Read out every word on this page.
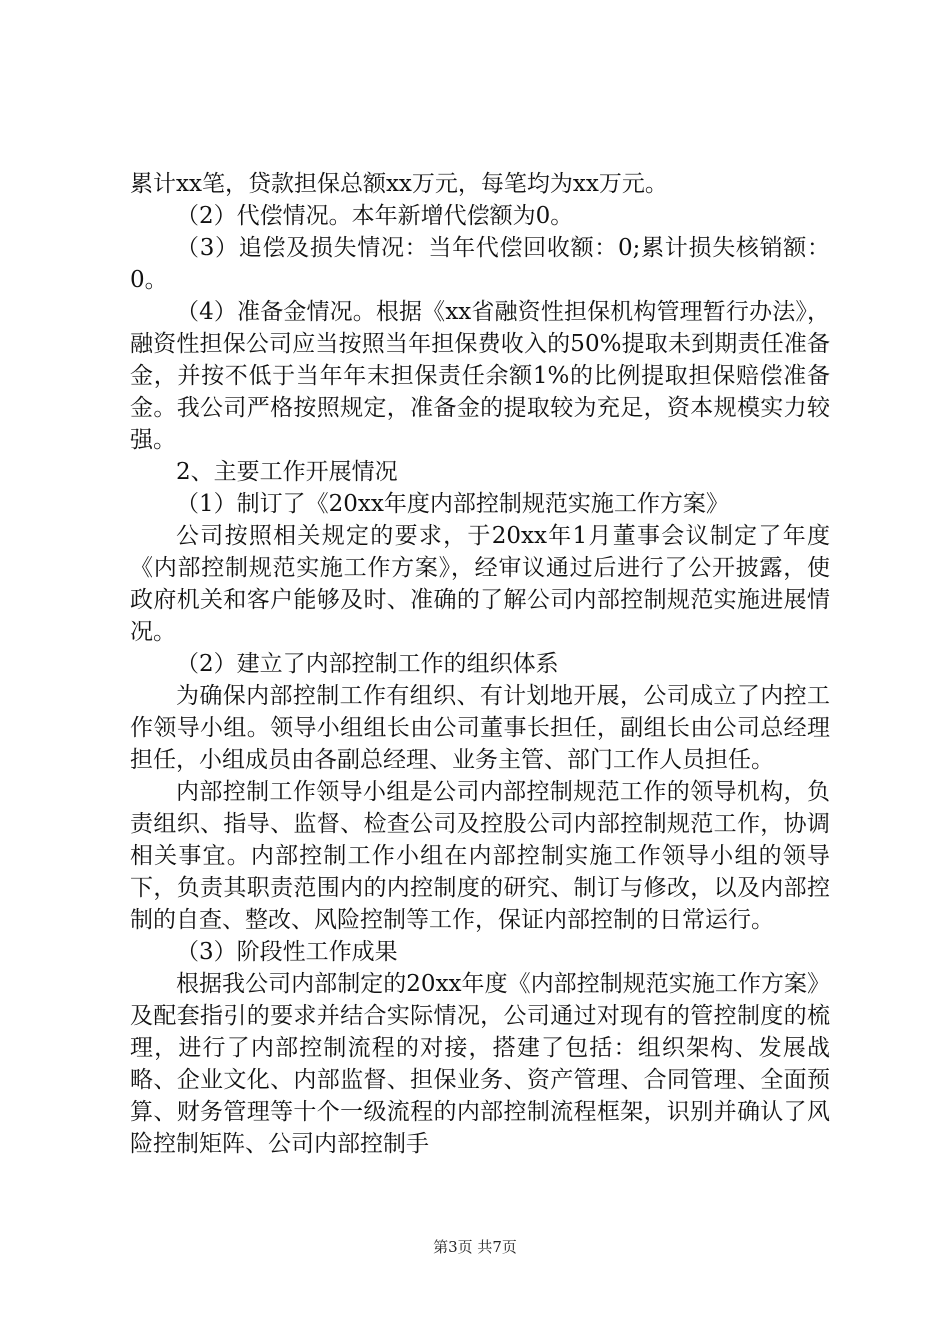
累计xx笔，贷款担保总额xx万元，每笔均为xx万元。

（2）代偿情况。本年新增代偿额为0。

（3）追偿及损失情况：当年代偿回收额：0;累计损失核销额：0。

（4）准备金情况。根据《xx省融资性担保机构管理暂行办法》，融资性担保公司应当按照当年担保费收入的50%提取未到期责任准备金，并按不低于当年年末担保责任余额1%的比例提取担保赔偿准备金。我公司严格按照规定，准备金的提取较为充足，资本规模实力较强。

2、主要工作开展情况

（1）制订了《20xx年度内部控制规范实施工作方案》

公司按照相关规定的要求，于20xx年1月董事会议制定了年度《内部控制规范实施工作方案》，经审议通过后进行了公开披露，使政府机关和客户能够及时、准确的了解公司内部控制规范实施进展情况。

（2）建立了内部控制工作的组织体系

为确保内部控制工作有组织、有计划地开展，公司成立了内控工作领导小组。领导小组组长由公司董事长担任，副组长由公司总经理担任，小组成员由各副总经理、业务主管、部门工作人员担任。

内部控制工作领导小组是公司内部控制规范工作的领导机构，负责组织、指导、监督、检查公司及控股公司内部控制规范工作，协调相关事宜。内部控制工作小组在内部控制实施工作领导小组的领导下，负责其职责范围内的内控制度的研究、制订与修改，以及内部控制的自查、整改、风险控制等工作，保证内部控制的日常运行。

（3）阶段性工作成果

根据我公司内部制定的20xx年度《内部控制规范实施工作方案》及配套指引的要求并结合实际情况，公司通过对现有的管控制度的梳理，进行了内部控制流程的对接，搭建了包括：组织架构、发展战略、企业文化、内部监督、担保业务、资产管理、合同管理、全面预算、财务管理等十个一级流程的内部控制流程框架，识别并确认了风险控制矩阵、公司内部控制手

第3页 共7页
